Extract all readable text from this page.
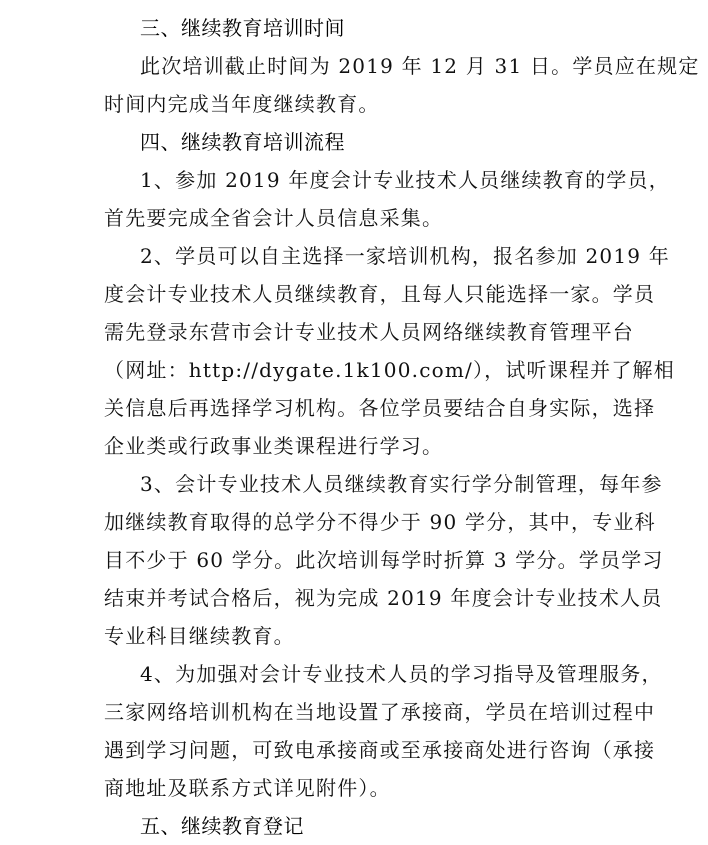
三、继续教育培训时间
此次培训截止时间为 2019 年 12 月 31 日。学员应在规定
时间内完成当年度继续教育。
四、继续教育培训流程
1、参加 2019 年度会计专业技术人员继续教育的学员，
首先要完成全省会计人员信息采集。
2、学员可以自主选择一家培训机构，报名参加 2019 年
度会计专业技术人员继续教育，且每人只能选择一家。学员
需先登录东营市会计专业技术人员网络继续教育管理平台
（网址：http://dygate.1k100.com/），试听课程并了解相
关信息后再选择学习机构。各位学员要结合自身实际，选择
企业类或行政事业类课程进行学习。
3、会计专业技术人员继续教育实行学分制管理，每年参
加继续教育取得的总学分不得少于 90 学分，其中，专业科
目不少于 60 学分。此次培训每学时折算 3 学分。学员学习
结束并考试合格后，视为完成 2019 年度会计专业技术人员
专业科目继续教育。
4、为加强对会计专业技术人员的学习指导及管理服务，
三家网络培训机构在当地设置了承接商，学员在培训过程中
遇到学习问题，可致电承接商或至承接商处进行咨询（承接
商地址及联系方式详见附件）。
五、继续教育登记
